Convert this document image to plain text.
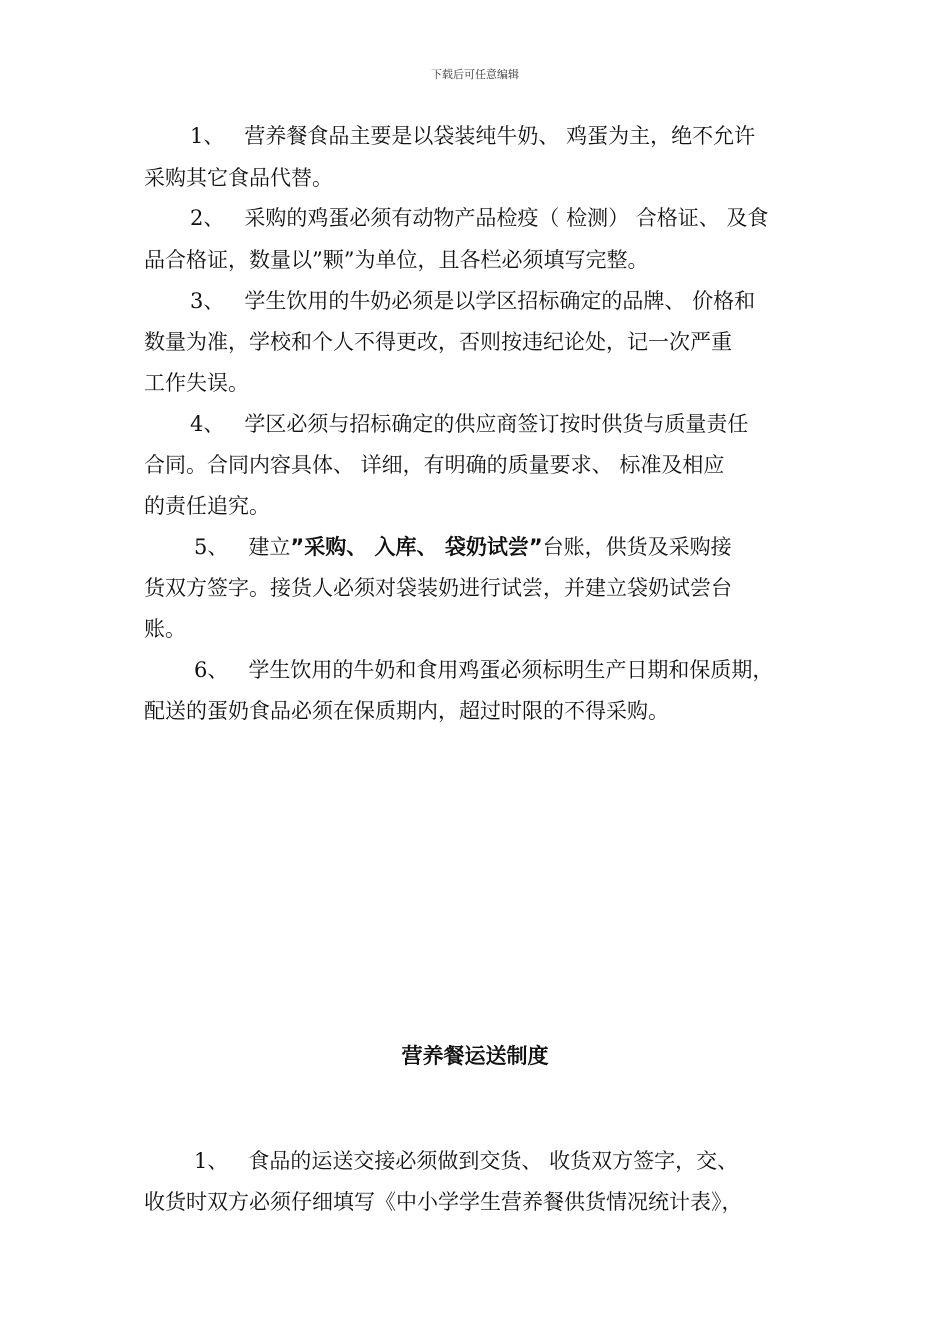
下载后可任意编辑

1、 营养餐食品主要是以袋装纯牛奶、 鸡蛋为主，绝不允许

采购其它食品代替。

2、 采购的鸡蛋必须有动物产品检疫（ 检测） 合格证、 及食

品合格证，数量以”颗”为单位，且各栏必须填写完整。

3、 学生饮用的牛奶必须是以学区招标确定的品牌、 价格和

数量为准，学校和个人不得更改，否则按违纪论处，记一次严重

工作失误。

4、 学区必须与招标确定的供应商签订按时供货与质量责任

合同。合同内容具体、 详细，有明确的质量要求、 标准及相应

的责任追究。

5、 建立”采购、 入库、 袋奶试尝”台账，供货及采购接

货双方签字。接货人必须对袋装奶进行试尝，并建立袋奶试尝台

账。

6、 学生饮用的牛奶和食用鸡蛋必须标明生产日期和保质期，

配送的蛋奶食品必须在保质期内，超过时限的不得采购。

营养餐运送制度

1、 食品的运送交接必须做到交货、 收货双方签字，交、

收货时双方必须仔细填写《中小学学生营养餐供货情况统计表》，
